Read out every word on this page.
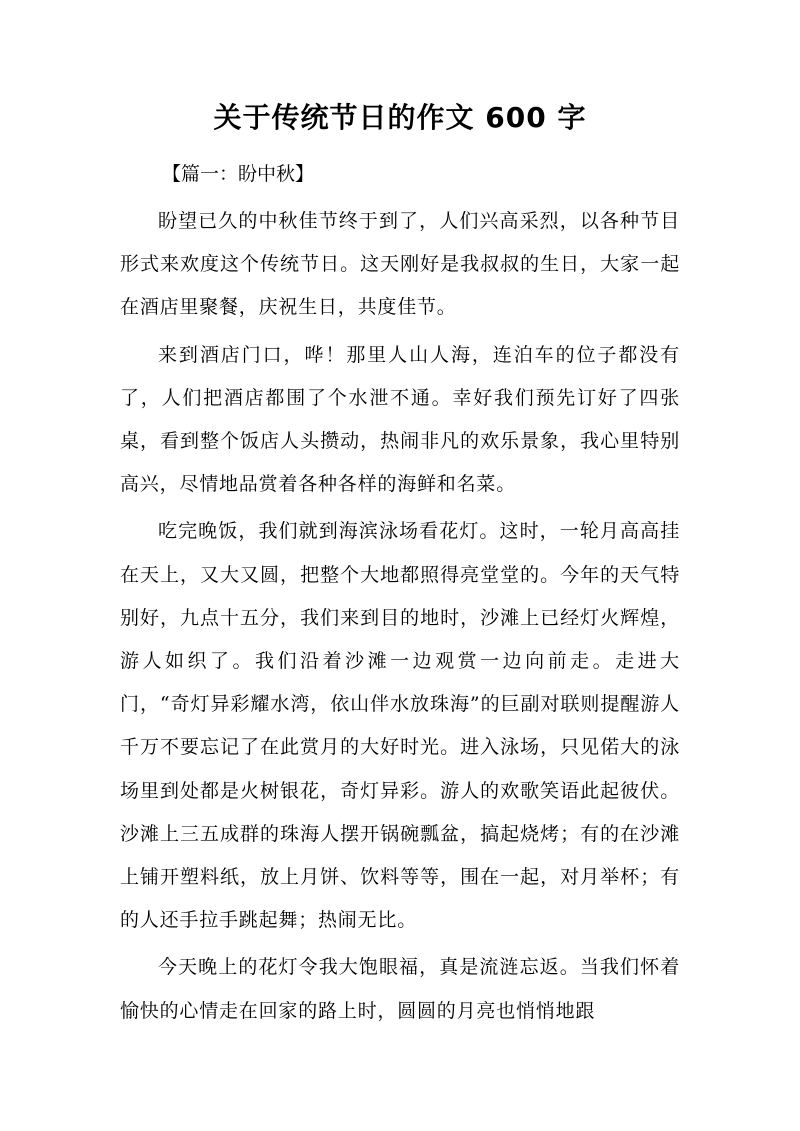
关于传统节日的作文 600 字

【篇一：盼中秋】

盼望已久的中秋佳节终于到了，人们兴高采烈，以各种节目形式来欢度这个传统节日。这天刚好是我叔叔的生日，大家一起在酒店里聚餐，庆祝生日，共度佳节。

来到酒店门口，哗！那里人山人海，连泊车的位子都没有了，人们把酒店都围了个水泄不通。幸好我们预先订好了四张桌，看到整个饭店人头攒动，热闹非凡的欢乐景象，我心里特别高兴，尽情地品赏着各种各样的海鲜和名菜。

吃完晚饭，我们就到海滨泳场看花灯。这时，一轮月高高挂在天上，又大又圆，把整个大地都照得亮堂堂的。今年的天气特别好，九点十五分，我们来到目的地时，沙滩上已经灯火辉煌，游人如织了。我们沿着沙滩一边观赏一边向前走。走进大门，“奇灯异彩耀水湾，依山伴水放珠海”的巨副对联则提醒游人千万不要忘记了在此赏月的大好时光。进入泳场，只见偌大的泳场里到处都是火树银花，奇灯异彩。游人的欢歌笑语此起彼伏。沙滩上三五成群的珠海人摆开锅碗瓢盆，搞起烧烤；有的在沙滩上铺开塑料纸，放上月饼、饮料等等，围在一起，对月举杯；有的人还手拉手跳起舞；热闹无比。

今天晚上的花灯令我大饱眼福，真是流涟忘返。当我们怀着愉快的心情走在回家的路上时，圆圆的月亮也悄悄地跟
